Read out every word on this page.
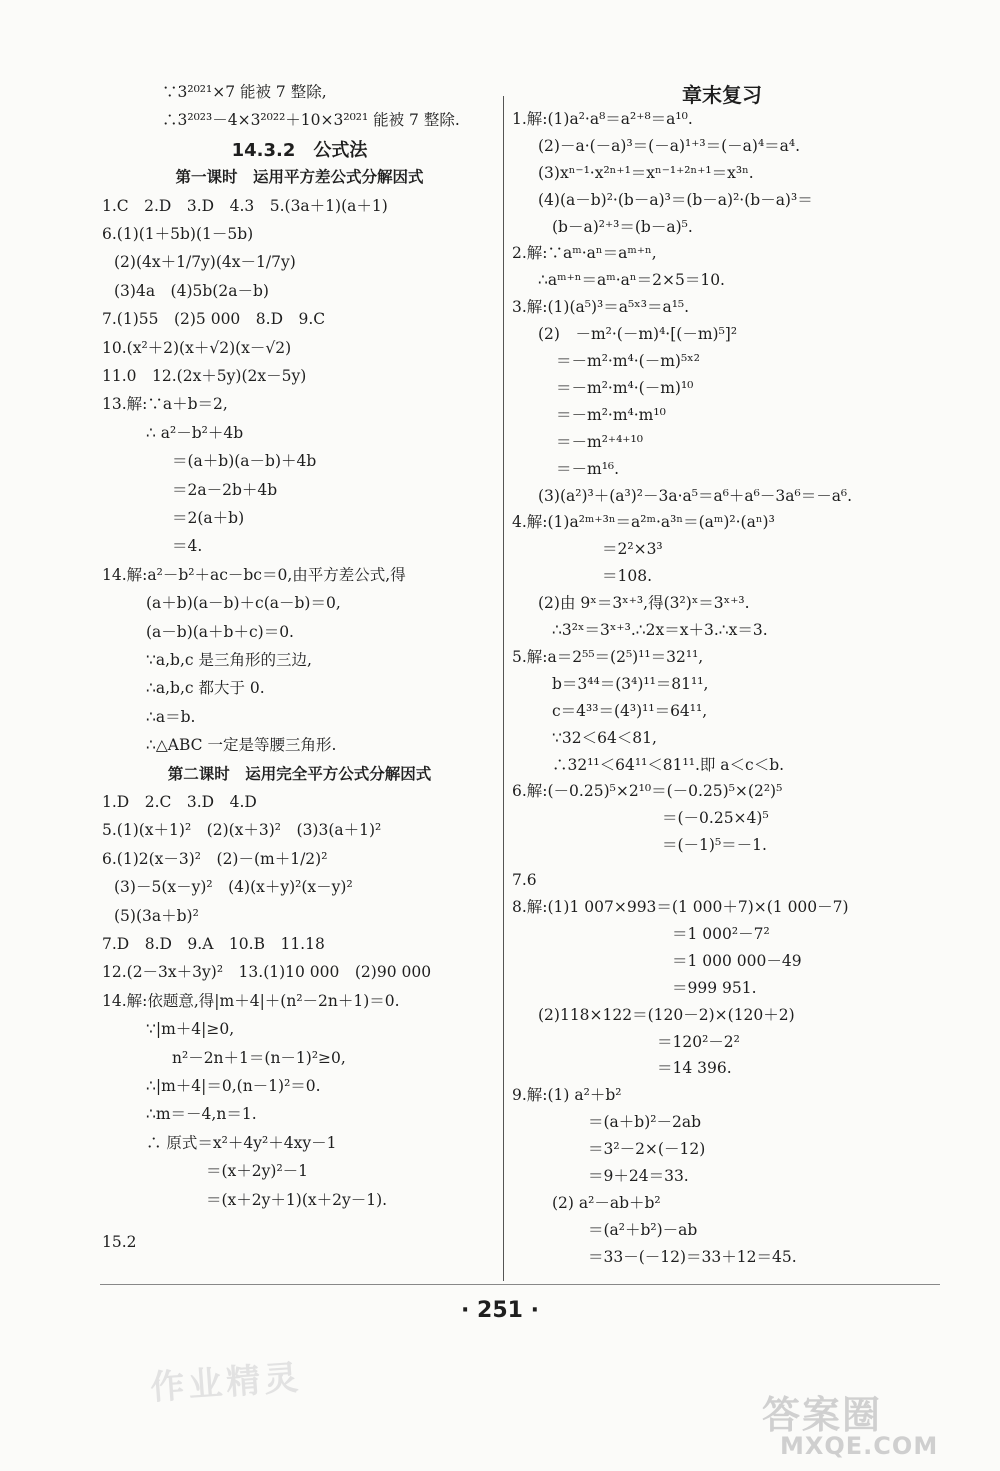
∵3²⁰²¹×7 能被 7 整除,
∴3²⁰²³－4×3²⁰²²＋10×3²⁰²¹ 能被 7 整除.
14.3.2　公式法
第一课时　运用平方差公式分解因式
1.C　2.D　3.D　4.3　5.(3a＋1)(a＋1)
6.(1)(1＋5b)(1－5b)
(2)(4x＋1/7y)(4x－1/7y)
(3)4a　(4)5b(2a－b)
7.(1)55　(2)5 000　8.D　9.C
10.(x²＋2)(x＋√2)(x－√2)
11.0　12.(2x＋5y)(2x－5y)
13.解:∵a＋b＝2,
∴ a²－b²＋4b
＝(a＋b)(a－b)＋4b
＝2a－2b＋4b
＝2(a＋b)
＝4.
14.解:a²－b²＋ac－bc＝0,由平方差公式,得
(a＋b)(a－b)＋c(a－b)＝0,
(a－b)(a＋b＋c)＝0.
∵a,b,c 是三角形的三边,
∴a,b,c 都大于 0.
∴a＝b.
∴△ABC 一定是等腰三角形.
第二课时　运用完全平方公式分解因式
1.D　2.C　3.D　4.D
5.(1)(x＋1)²　(2)(x＋3)²　(3)3(a＋1)²
6.(1)2(x－3)²　(2)－(m＋1/2)²
(3)－5(x－y)²　(4)(x＋y)²(x－y)²
(5)(3a＋b)²
7.D　8.D　9.A　10.B　11.18
12.(2－3x＋3y)²　13.(1)10 000　(2)90 000
14.解:依题意,得|m＋4|＋(n²－2n＋1)＝0.
∵|m＋4|≥0,
n²－2n＋1＝(n－1)²≥0,
∴|m＋4|＝0,(n－1)²＝0.
∴m＝－4,n＝1.
∴ 原式＝x²＋4y²＋4xy－1
＝(x＋2y)²－1
＝(x＋2y＋1)(x＋2y－1).
15.2
章末复习
1.解:(1)a²·a⁸＝a²⁺⁸＝a¹⁰.
(2)－a·(－a)³＝(－a)¹⁺³＝(－a)⁴＝a⁴.
(3)xⁿ⁻¹·x²ⁿ⁺¹＝xⁿ⁻¹⁺²ⁿ⁺¹＝x³ⁿ.
(4)(a－b)²·(b－a)³＝(b－a)²·(b－a)³＝
(b－a)²⁺³＝(b－a)⁵.
2.解:∵aᵐ·aⁿ＝aᵐ⁺ⁿ,
∴aᵐ⁺ⁿ＝aᵐ·aⁿ＝2×5＝10.
3.解:(1)(a⁵)³＝a⁵ˣ³＝a¹⁵.
(2)　－m²·(－m)⁴·[(－m)⁵]²
＝－m²·m⁴·(－m)⁵ˣ²
＝－m²·m⁴·(－m)¹⁰
＝－m²·m⁴·m¹⁰
＝－m²⁺⁴⁺¹⁰
＝－m¹⁶.
(3)(a²)³＋(a³)²－3a·a⁵＝a⁶＋a⁶－3a⁶＝－a⁶.
4.解:(1)a²ᵐ⁺³ⁿ＝a²ᵐ·a³ⁿ＝(aᵐ)²·(aⁿ)³
＝2²×3³
＝108.
(2)由 9ˣ＝3ˣ⁺³,得(3²)ˣ＝3ˣ⁺³.
∴3²ˣ＝3ˣ⁺³.∴2x＝x＋3.∴x＝3.
5.解:a＝2⁵⁵＝(2⁵)¹¹＝32¹¹,
b＝3⁴⁴＝(3⁴)¹¹＝81¹¹,
c＝4³³＝(4³)¹¹＝64¹¹,
∵32＜64＜81,
∴32¹¹＜64¹¹＜81¹¹.即 a＜c＜b.
6.解:(－0.25)⁵×2¹⁰＝(－0.25)⁵×(2²)⁵
＝(－0.25×4)⁵
＝(－1)⁵＝－1.
7.6
8.解:(1)1 007×993＝(1 000＋7)×(1 000－7)
＝1 000²－7²
＝1 000 000－49
＝999 951.
(2)118×122＝(120－2)×(120＋2)
＝120²－2²
＝14 396.
9.解:(1) a²＋b²
＝(a＋b)²－2ab
＝3²－2×(－12)
＝9＋24＝33.
(2) a²－ab＋b²
＝(a²＋b²)－ab
＝33－(－12)＝33＋12＝45.
· 251 ·
作业精灵
答案圈
MXQE.COM
